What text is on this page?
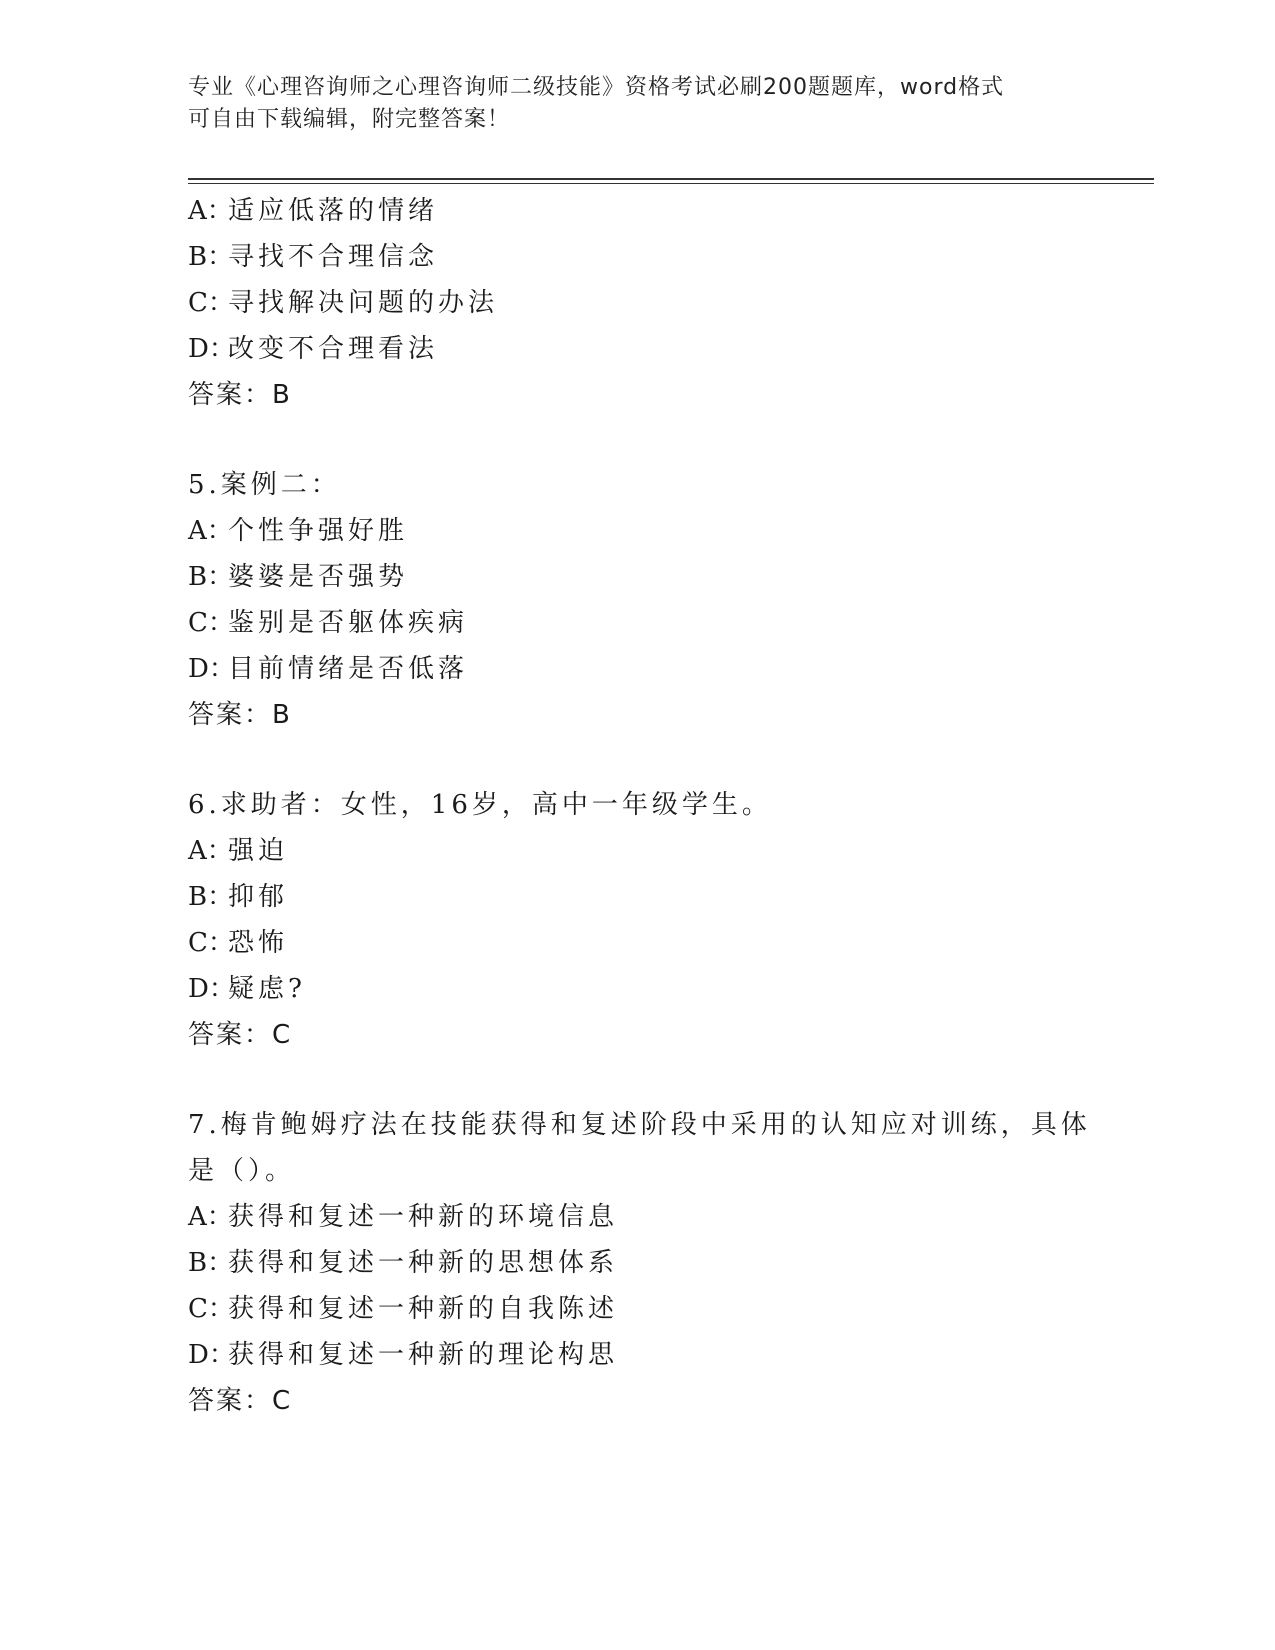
专业《心理咨询师之心理咨询师二级技能》资格考试必刷200题题库，word格式
可自由下载编辑，附完整答案！
A：适应低落的情绪
B：寻找不合理信念
C：寻找解决问题的办法
D：改变不合理看法
答案：B
5.案例二：
A：个性争强好胜
B：婆婆是否强势
C：鉴别是否躯体疾病
D：目前情绪是否低落
答案：B
6.求助者：女性，16岁，高中一年级学生。
A：强迫
B：抑郁
C：恐怖
D：疑虑?
答案：C
7.梅肯鲍姆疗法在技能获得和复述阶段中采用的认知应对训练，具体
是（）。
A：获得和复述一种新的环境信息
B：获得和复述一种新的思想体系
C：获得和复述一种新的自我陈述
D：获得和复述一种新的理论构思
答案：C
